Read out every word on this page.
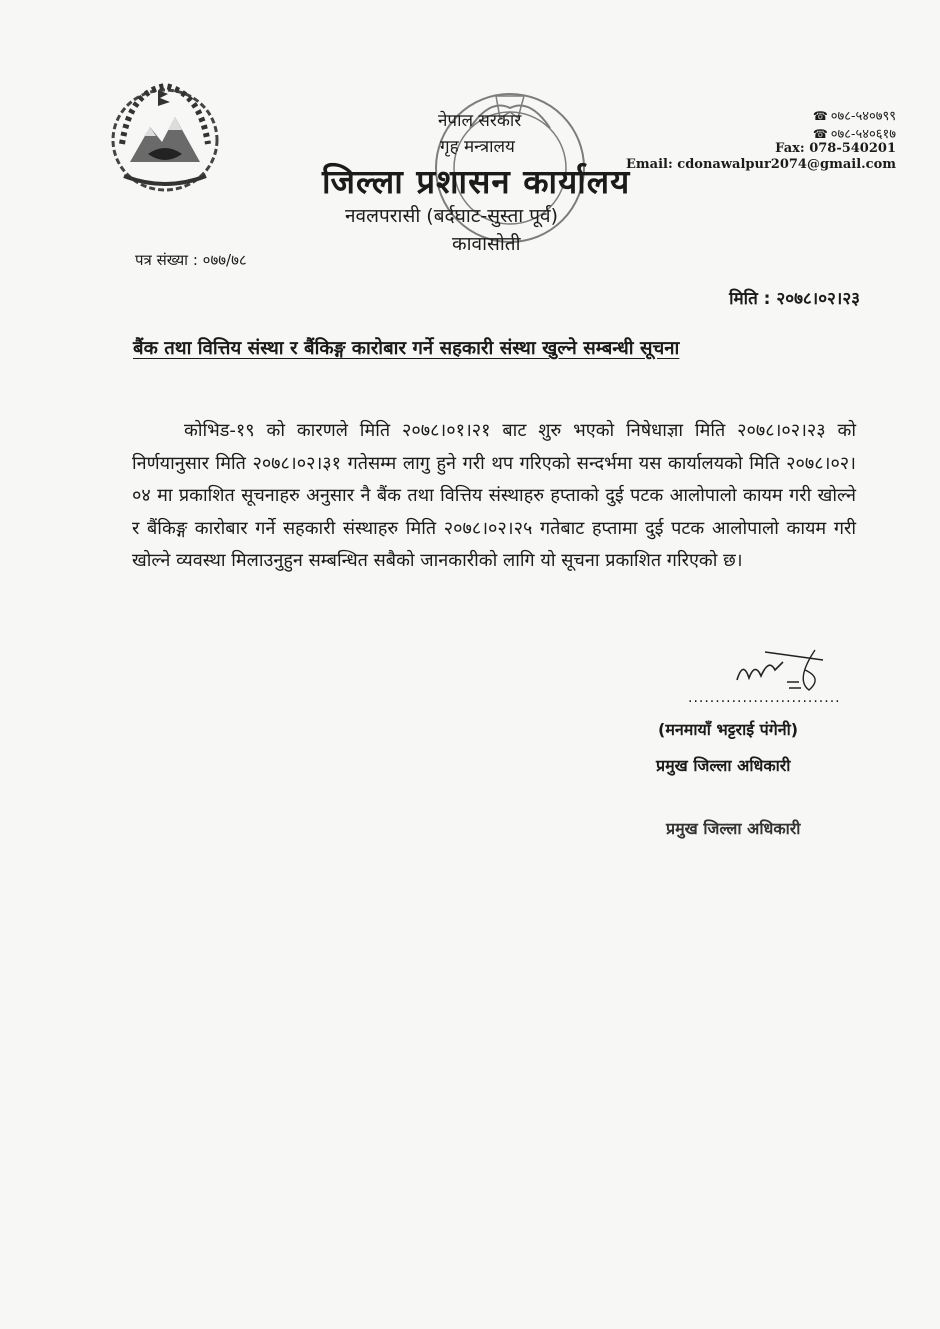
नेपाल सरकार
गृह मन्त्रालय
जिल्ला प्रशासन कार्यालय
नवलपरासी (बर्दघाट-सुस्ता पूर्व)
कावासोती
☎ ०७८-५४०७९९
☎ ०७८-५४०६१७
Fax: 078-540201
Email: cdonawalpur2074@gmail.com
पत्र संख्या : ०७७/७८
मिति : २०७८।०२।२३
बैंक तथा वित्तिय संस्था र बैंकिङ्ग कारोबार गर्ने सहकारी संस्था खुल्ने सम्बन्धी सूचना

कोभिड-१९ को कारणले मिति २०७८।०१।२१ बाट शुरु भएको निषेधाज्ञा मिति २०७८।०२।२३ को निर्णयानुसार मिति २०७८।०२।३१ गतेसम्म लागु हुने गरी थप गरिएको सन्दर्भमा यस कार्यालयको मिति २०७८।०२।०४ मा प्रकाशित सूचनाहरु अनुसार नै बैंक तथा वित्तिय संस्थाहरु हप्ताको दुई पटक आलोपालो कायम गरी खोल्ने र बैंकिङ्ग कारोबार गर्ने सहकारी संस्थाहरु मिति २०७८।०२।२५ गतेबाट हप्तामा दुई पटक आलोपालो कायम गरी खोल्ने व्यवस्था मिलाउनुहुन सम्बन्धित सबैको जानकारीको लागि यो सूचना प्रकाशित गरिएको छ।

............................
(मनमायाँ भट्टराई पंगेनी)
प्रमुख जिल्ला अधिकारी
प्रमुख जिल्ला अधिकारी
